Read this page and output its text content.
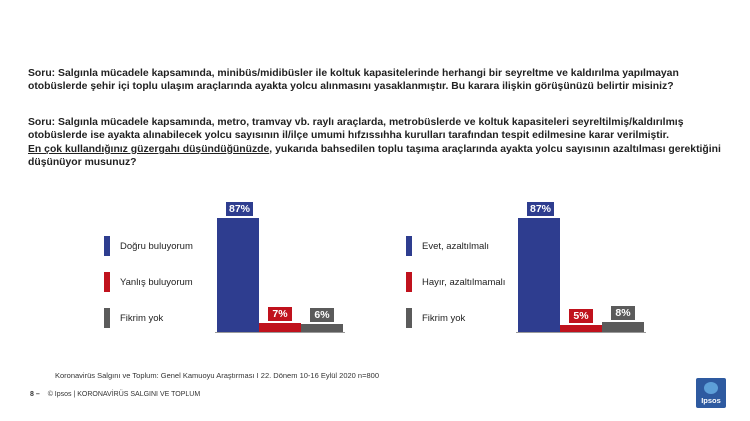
Soru: Salgınla mücadele kapsamında, minibüs/midibüsler ile koltuk kapasitelerinde herhangi bir seyreltme ve kaldırılma yapılmayan otobüslerde şehir içi toplu ulaşım araçlarında ayakta yolcu alınmasını yasaklanmıştır. Bu karara ilişkin görüşünüzü belirtir misiniz?
Soru: Salgınla mücadele kapsamında, metro, tramvay vb. raylı araçlarda, metrobüslerde ve koltuk kapasiteleri seyreltilmiş/kaldırılmış otobüslerde ise ayakta alınabilecek yolcu sayısının il/ilçe umumi hıfzıssıhha kurulları tarafından tespit edilmesine karar verilmiştir.
En çok kullandığınız güzergahı düşündüğünüzde, yukarıda bahsedilen toplu taşıma araçlarında ayakta yolcu sayısının azaltılması gerektiğini düşünüyor musunuz?
Doğru buluyorum
87%
Yanlış buluyorum
7%
Fikrim yok	6%
Evet, azaltılmalı
87%
Hayır, azaltılmamalı
5%
Fikrim yok	8%
Koronavirüs Salgını ve Toplum: Genel Kamuoyu Araştırması I 22. Dönem 10-16 Eylül 2020 n=800
8 – © Ipsos | KORONAVİRÜS SALGINI VE TOPLUM
Ipsos
